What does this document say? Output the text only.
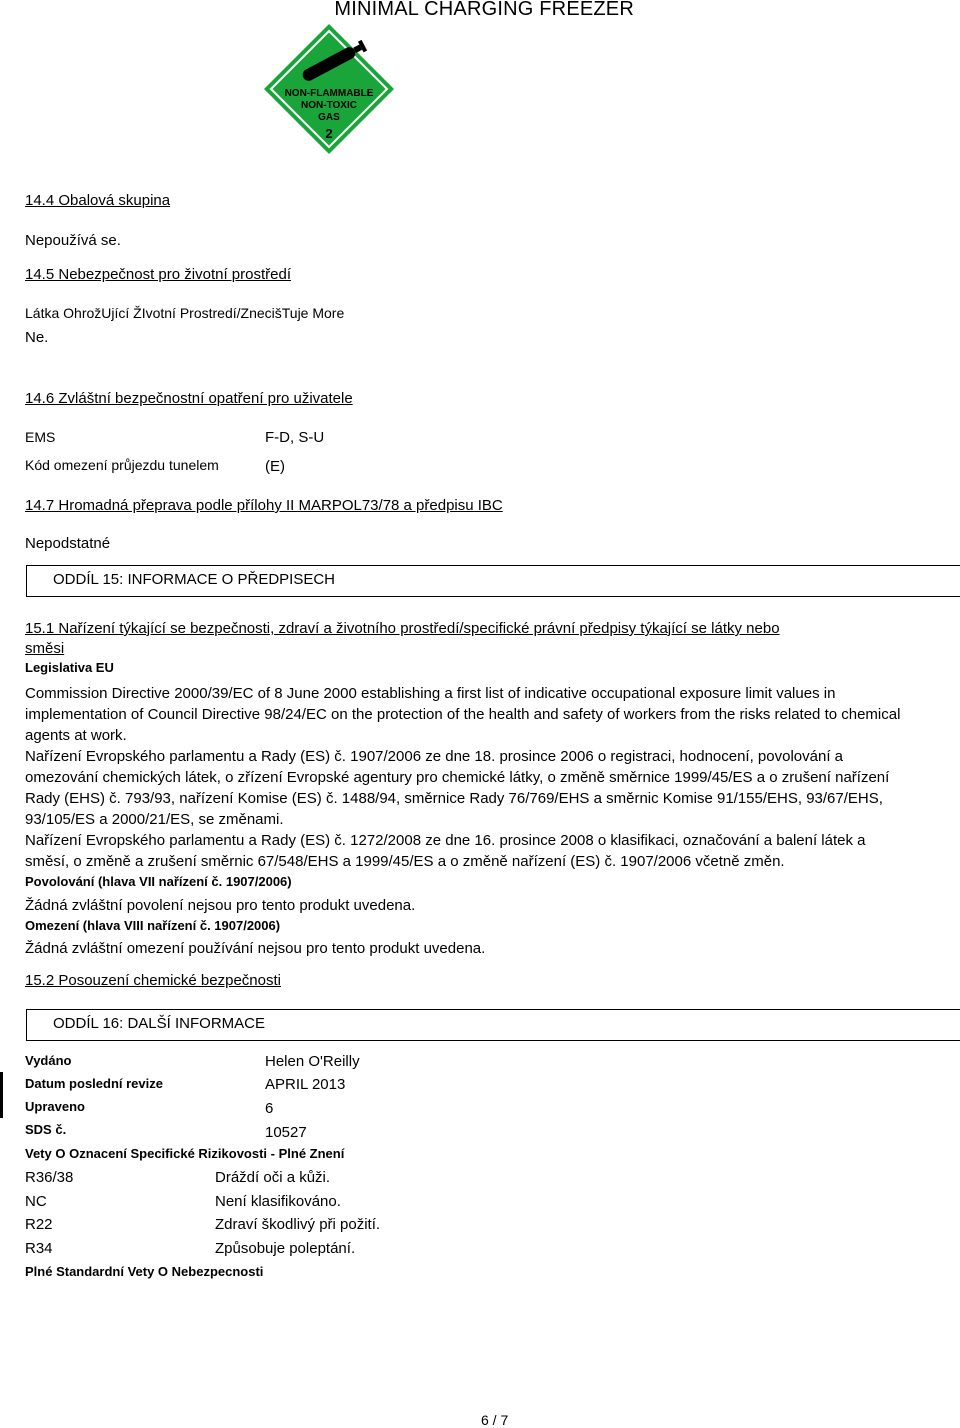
MINIMAL CHARGING FREEZER
NON-FLAMMABLE
NON-TOXIC
GAS
2
14.4 Obalová skupina
Nepoužívá se.
14.5 Nebezpečnost pro životní prostředí
Látka OhrožUjící ŽIvotní Prostredí/ZnecišTuje More
Ne.
14.6 Zvláštní bezpečnostní opatření pro uživatele
EMS	F-D, S-U
Kód omezení průjezdu tunelem	(E)
14.7 Hromadná přeprava podle přílohy II MARPOL73/78 a předpisu IBC
Nepodstatné
ODDÍL 15: INFORMACE O PŘEDPISECH
15.1 Nařízení týkající se bezpečnosti, zdraví a životního prostředí/specifické právní předpisy týkající se látky nebo
směsi
Legislativa EU
Commission Directive 2000/39/EC of 8 June 2000 establishing a first list of indicative occupational exposure limit values in implementation of Council Directive 98/24/EC on the protection of the health and safety of workers from the risks related to chemical agents at work.
Nařízení Evropského parlamentu a Rady (ES) č. 1907/2006 ze dne 18. prosince 2006 o registraci, hodnocení, povolování a omezování chemických látek, o zřízení Evropské agentury pro chemické látky, o změně směrnice 1999/45/ES a o zrušení nařízení Rady (EHS) č. 793/93, nařízení Komise (ES) č. 1488/94, směrnice Rady 76/769/EHS a směrnic Komise 91/155/EHS, 93/67/EHS, 93/105/ES a 2000/21/ES, se změnami.
Nařízení Evropského parlamentu a Rady (ES) č. 1272/2008 ze dne 16. prosince 2008 o klasifikaci, označování a balení látek a směsí, o změně a zrušení směrnic 67/548/EHS a 1999/45/ES a o změně nařízení (ES) č. 1907/2006 včetně změn.
Povolování (hlava VII nařízení č. 1907/2006)
Žádná zvláštní povolení nejsou pro tento produkt uvedena.
Omezení (hlava VIII nařízení č. 1907/2006)
Žádná zvláštní omezení používání nejsou pro tento produkt uvedena.
15.2 Posouzení chemické bezpečnosti
ODDÍL 16: DALŠÍ INFORMACE
Vydáno	Helen O'Reilly
Datum poslední revize	APRIL 2013
Upraveno	6
SDS č.	10527
Vety O Oznacení Specifické Rizikovosti - Plné Znení
R36/38	Dráždí oči a kůži.
NC	Není klasifikováno.
R22	Zdraví škodlivý při požití.
R34	Způsobuje poleptání.
Plné Standardní Vety O Nebezpecnosti
6 / 7
